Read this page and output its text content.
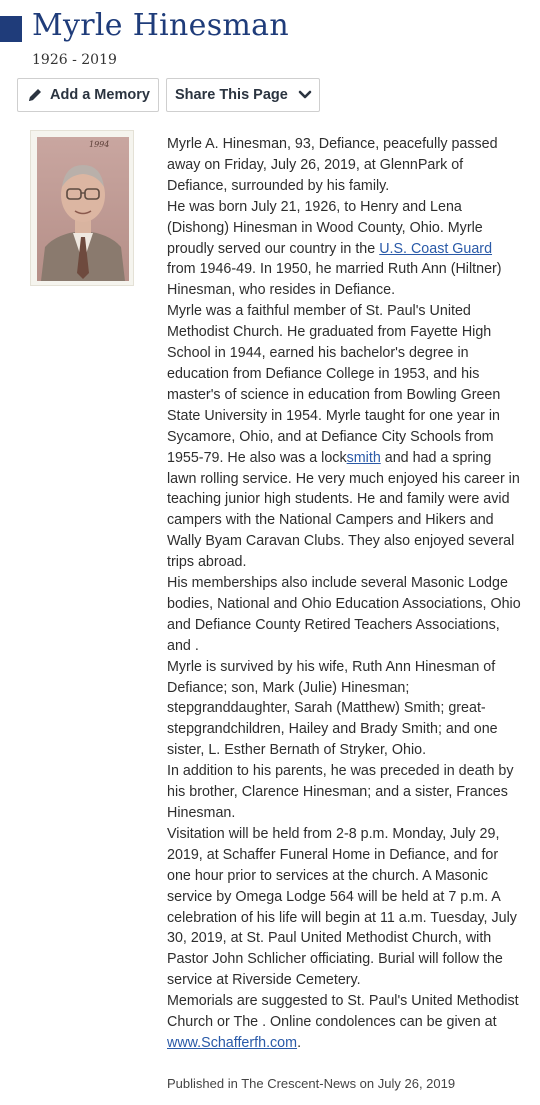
Myrle Hinesman
1926 - 2019
Add a Memory Share This Page
1994	Myrle A. Hinesman, 93, Defiance, peacefully passed away on Friday, July 26, 2019, at GlennPark of Defiance, surrounded by his family.

He was born July 21, 1926, to Henry and Lena (Dishong) Hinesman in Wood County, Ohio. Myrle proudly served our country in the U.S. Coast Guard from 1946-49. In 1950, he married Ruth Ann (Hiltner) Hinesman, who resides in Defiance.

Myrle was a faithful member of St. Paul's United Methodist Church. He graduated from Fayette High School in 1944, earned his bachelor's degree in education from Defiance College in 1953, and his master's of science in education from Bowling Green State University in 1954. Myrle taught for one year in Sycamore, Ohio, and at Defiance City Schools from 1955-79. He also was a locksmith and had a spring lawn rolling service. He very much enjoyed his career in teaching junior high students. He and family were avid campers with the National Campers and Hikers and Wally Byam Caravan Clubs. They also enjoyed several trips abroad.

His memberships also include several Masonic Lodge bodies, National and Ohio Education Associations, Ohio and Defiance County Retired Teachers Associations, and .

Myrle is survived by his wife, Ruth Ann Hinesman of Defiance; son, Mark (Julie) Hinesman; stepgranddaughter, Sarah (Matthew) Smith; great-stepgrandchildren, Hailey and Brady Smith; and one sister, L. Esther Bernath of Stryker, Ohio.

In addition to his parents, he was preceded in death by his brother, Clarence Hinesman; and a sister, Frances Hinesman.

Visitation will be held from 2-8 p.m. Monday, July 29, 2019, at Schaffer Funeral Home in Defiance, and for one hour prior to services at the church. A Masonic service by Omega Lodge 564 will be held at 7 p.m. A celebration of his life will begin at 11 a.m. Tuesday, July 30, 2019, at St. Paul United Methodist Church, with Pastor John Schlicher officiating. Burial will follow the service at Riverside Cemetery.

Memorials are suggested to St. Paul's United Methodist Church or The . Online condolences can be given at www.Schafferfh.com.

Published in The Crescent-News on July 26, 2019
